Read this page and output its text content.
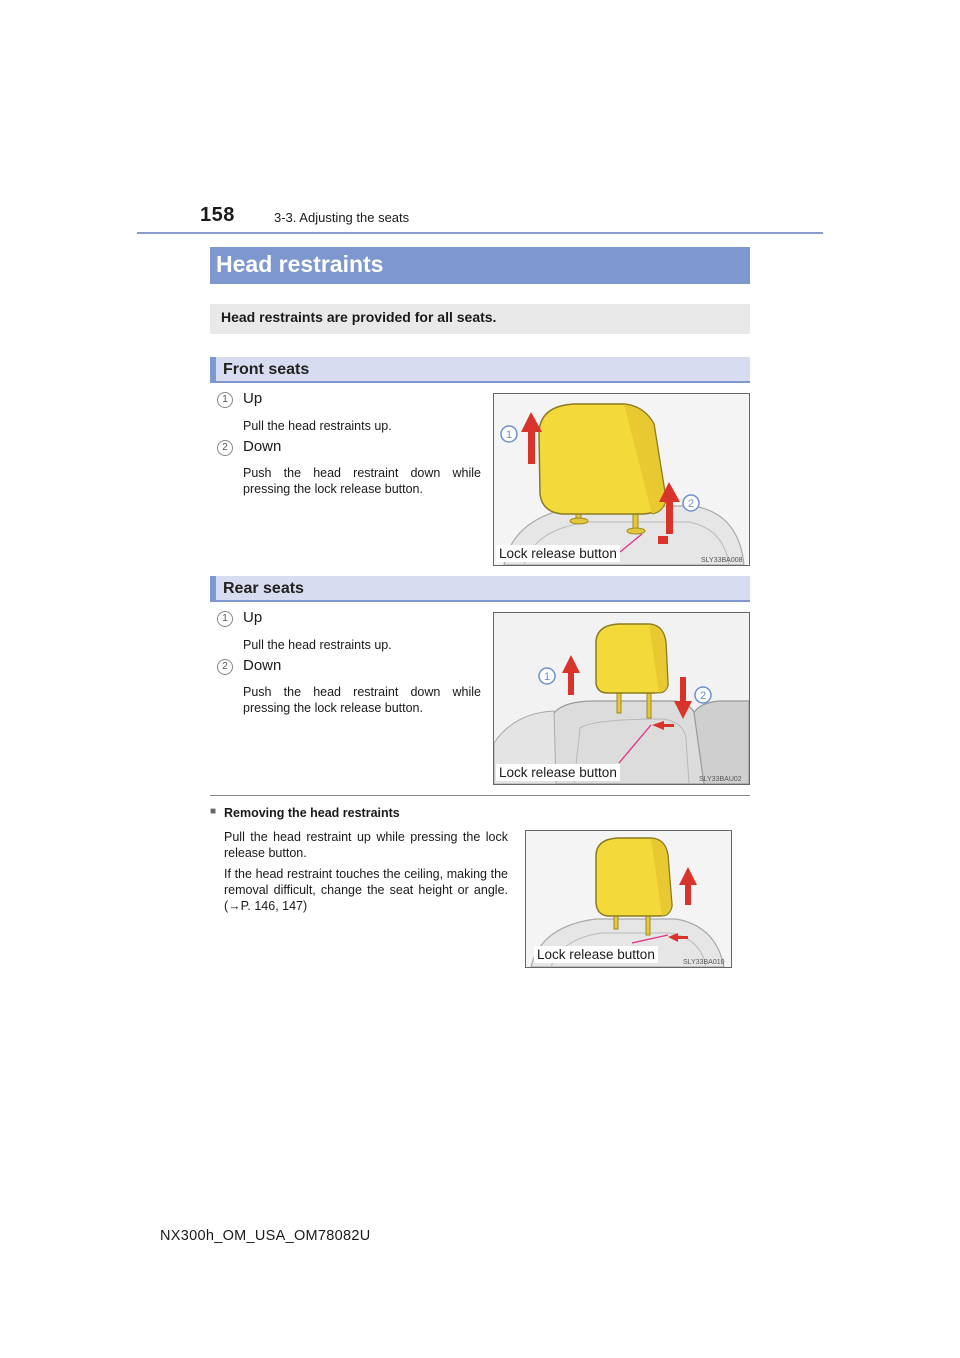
158	3-3. Adjusting the seats
Head restraints
Head restraints are provided for all seats.
Front seats
1	Up
Pull the head restraints up.
2	Down
Push the head restraint down while pressing the lock release button.
1
2
SLY33BA008
Lock release button
Rear seats
1	Up
Pull the head restraints up.
2	Down
Push the head restraint down while pressing the lock release button.
1
2
SLY33BAU02
Lock release button
■ Removing the head restraints
Pull the head restraint up while pressing the lock release button.
If the head restraint touches the ceiling, making the removal difficult, change the seat height or angle. (→P. 146, 147)
SLY33BA010
Lock release button
NX300h_OM_USA_OM78082U
